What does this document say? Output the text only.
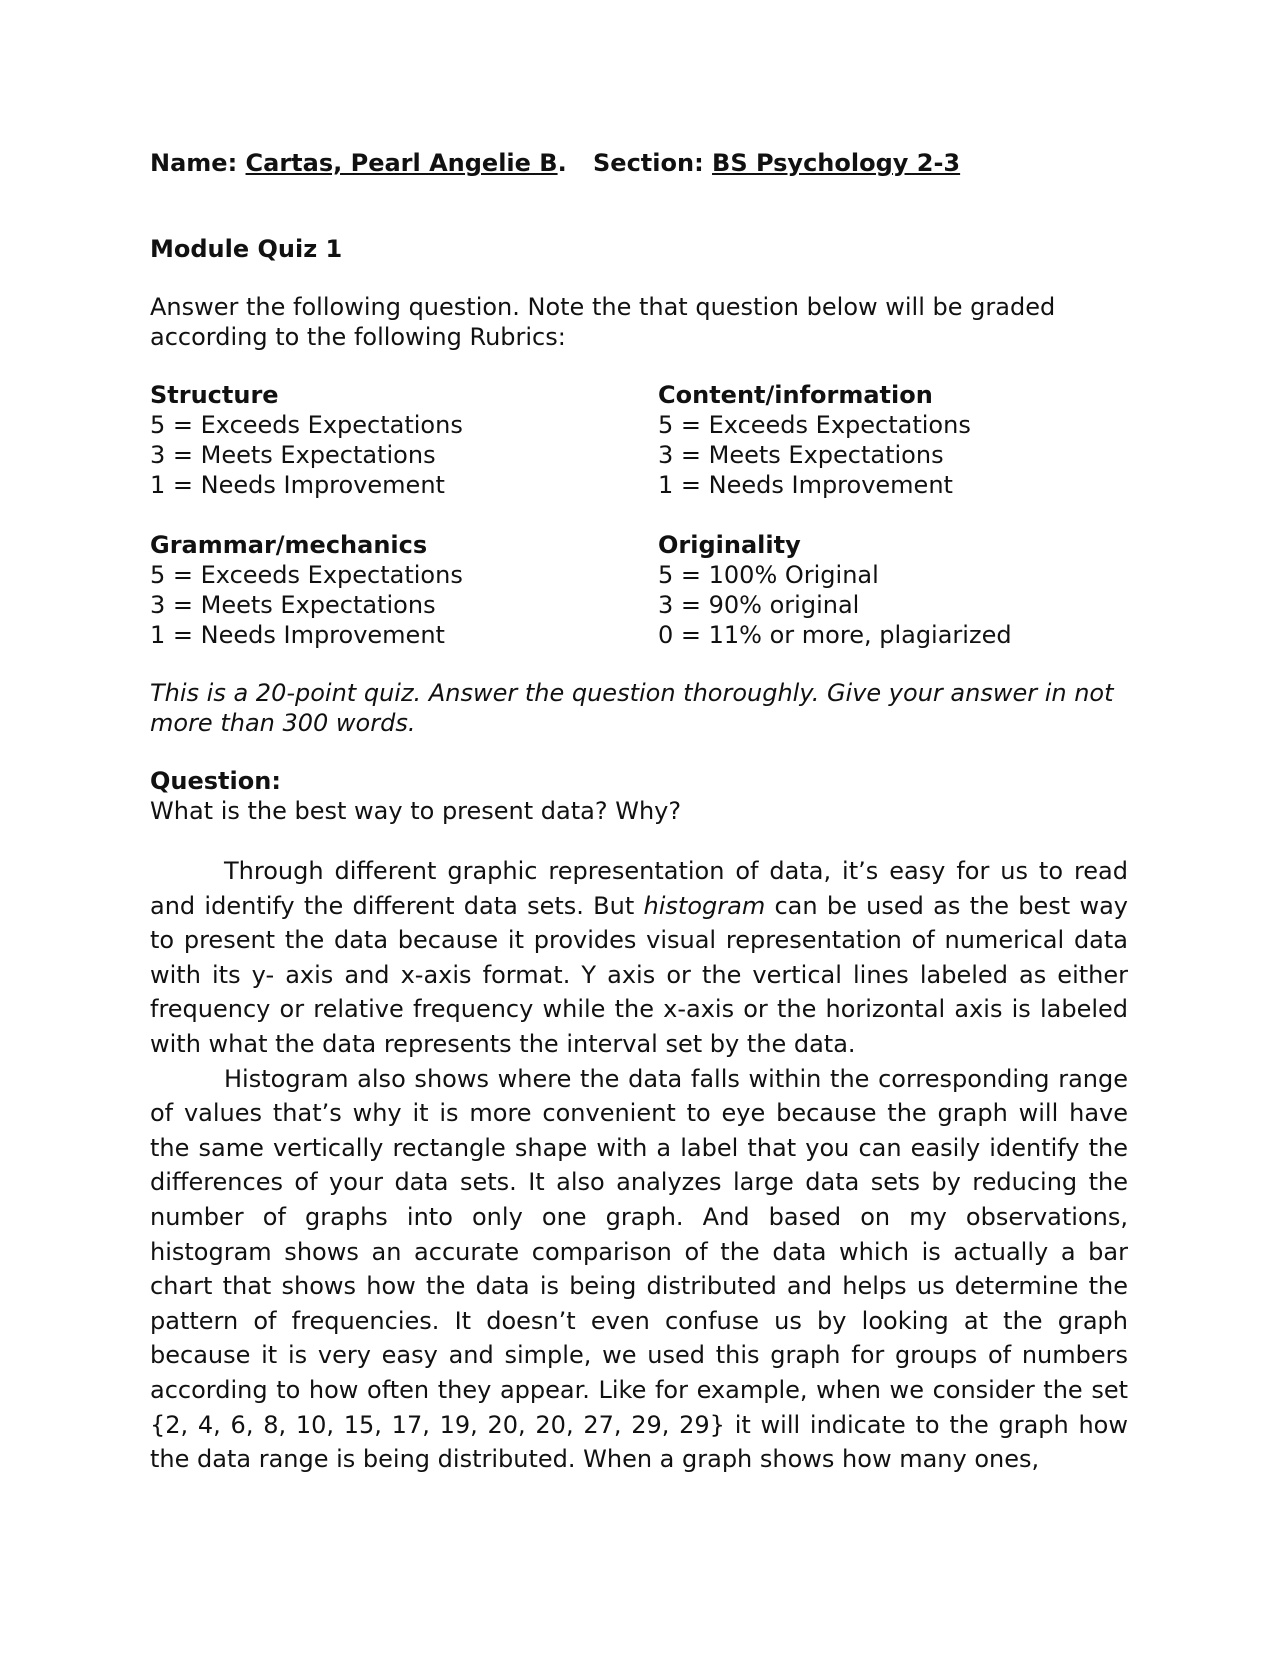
Name: Cartas, Pearl Angelie B. Section: BS Psychology 2-3
Module Quiz 1
Answer the following question. Note the that question below will be graded according to the following Rubrics:
Structure
5 = Exceeds Expectations
3 = Meets Expectations
1 = Needs Improvement
Content/information
5 = Exceeds Expectations
3 = Meets Expectations
1 = Needs Improvement
Grammar/mechanics
5 = Exceeds Expectations
3 = Meets Expectations
1 = Needs Improvement
Originality
5 = 100% Original
3 = 90% original
0 = 11% or more, plagiarized
This is a 20-point quiz. Answer the question thoroughly. Give your answer in not more than 300 words.
Question:
What is the best way to present data? Why?

Through different graphic representation of data, it’s easy for us to read and identify the different data sets. But histogram can be used as the best way to present the data because it provides visual representation of numerical data with its y- axis and x-axis format. Y axis or the vertical lines labeled as either frequency or relative frequency while the x-axis or the horizontal axis is labeled with what the data represents the interval set by the data.

Histogram also shows where the data falls within the corresponding range of values that’s why it is more convenient to eye because the graph will have the same vertically rectangle shape with a label that you can easily identify the differences of your data sets. It also analyzes large data sets by reducing the number of graphs into only one graph. And based on my observations, histogram shows an accurate comparison of the data which is actually a bar chart that shows how the data is being distributed and helps us determine the pattern of frequencies. It doesn’t even confuse us by looking at the graph because it is very easy and simple, we used this graph for groups of numbers according to how often they appear. Like for example, when we consider the set {2, 4, 6, 8, 10, 15, 17, 19, 20, 20, 27, 29, 29} it will indicate to the graph how the data range is being distributed. When a graph shows how many ones,
